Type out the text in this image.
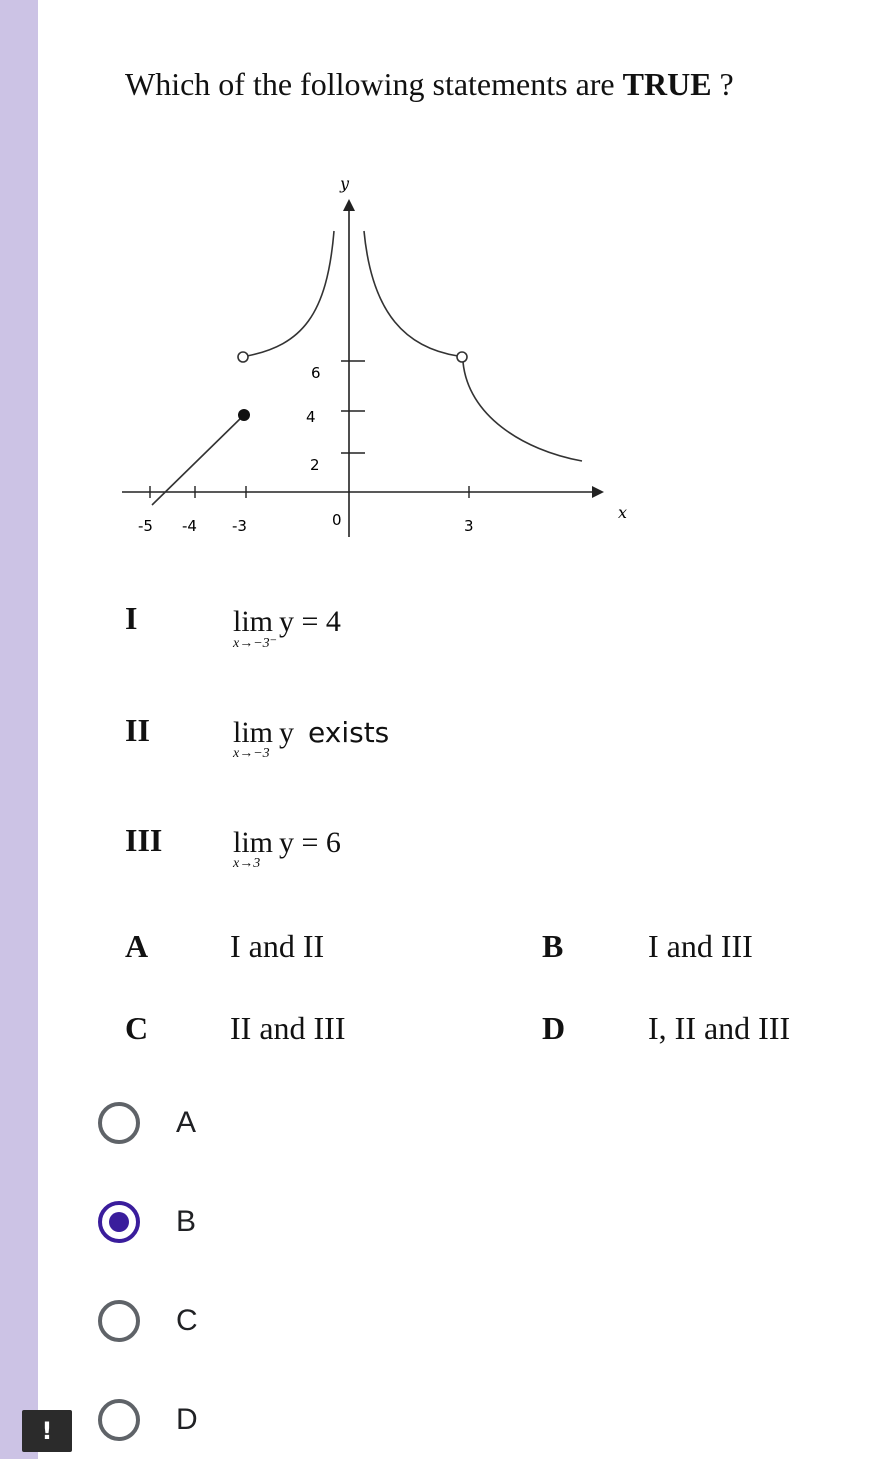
Which of the following statements are TRUE ?
y
x
-5 -4 -3	0	3
6
4
2
I	lim
x→−3⁻
y = 4
II	lim
x→−3
y exists
III lim
x→3
y = 6
A	I and II	B	I and III
C	II and III	D	I, II and III
A
B
C
D
!
